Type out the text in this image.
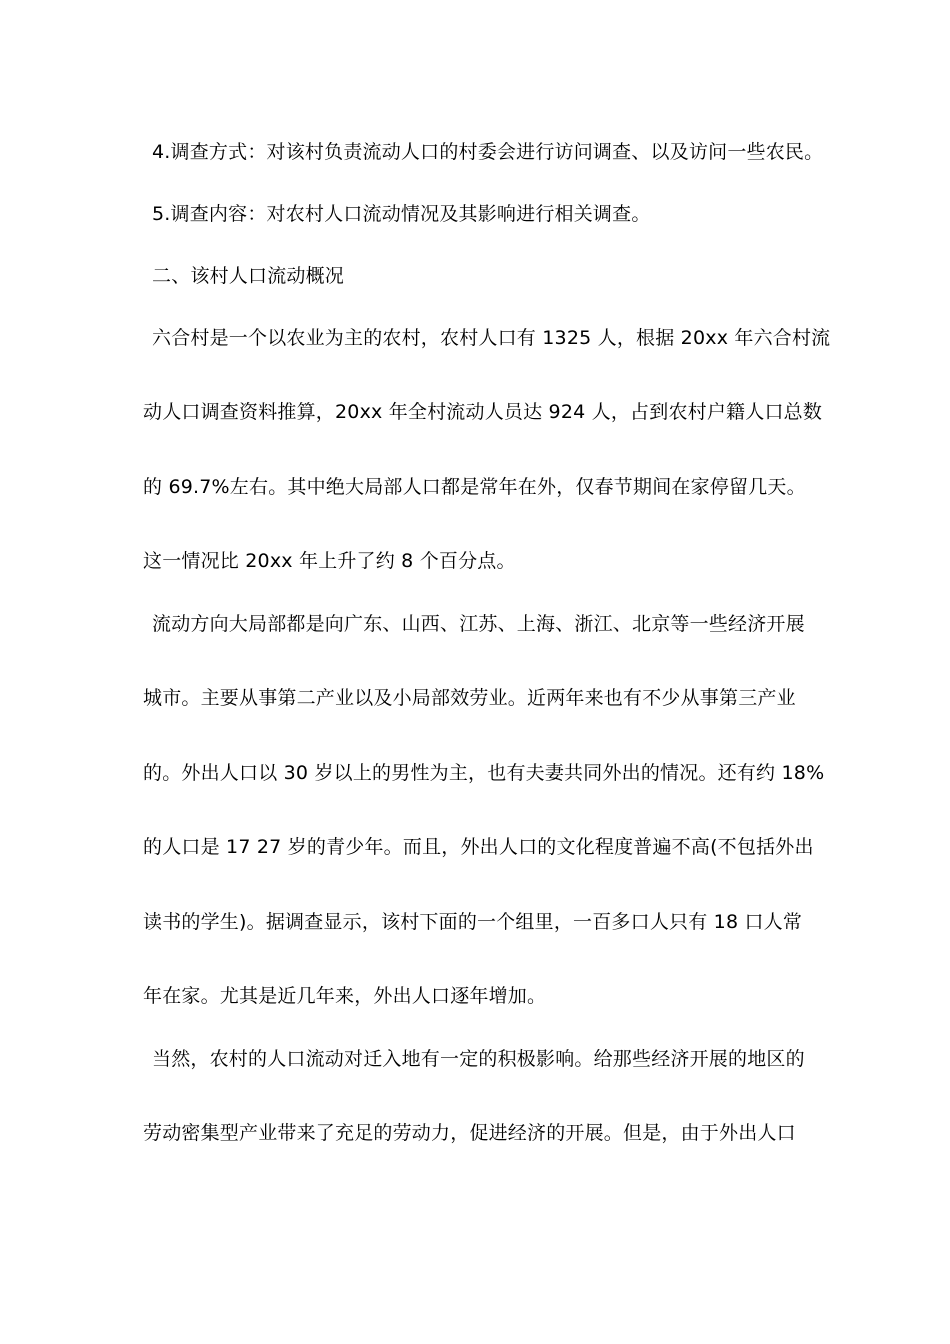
4.调查方式：对该村负责流动人口的村委会进行访问调查、以及访问一些农民。
5.调查内容：对农村人口流动情况及其影响进行相关调查。
二、该村人口流动概况
六合村是一个以农业为主的农村，农村人口有 1325 人，根据 20xx 年六合村流
动人口调查资料推算，20xx 年全村流动人员达 924 人，占到农村户籍人口总数
的 69.7%左右。其中绝大局部人口都是常年在外，仅春节期间在家停留几天。
这一情况比 20xx 年上升了约 8 个百分点。
流动方向大局部都是向广东、山西、江苏、上海、浙江、北京等一些经济开展
城市。主要从事第二产业以及小局部效劳业。近两年来也有不少从事第三产业
的。外出人口以 30 岁以上的男性为主，也有夫妻共同外出的情况。还有约 18%
的人口是 17 27 岁的青少年。而且，外出人口的文化程度普遍不高(不包括外出
读书的学生)。据调查显示，该村下面的一个组里，一百多口人只有 18 口人常
年在家。尤其是近几年来，外出人口逐年增加。
当然，农村的人口流动对迁入地有一定的积极影响。给那些经济开展的地区的
劳动密集型产业带来了充足的劳动力，促进经济的开展。但是，由于外出人口
